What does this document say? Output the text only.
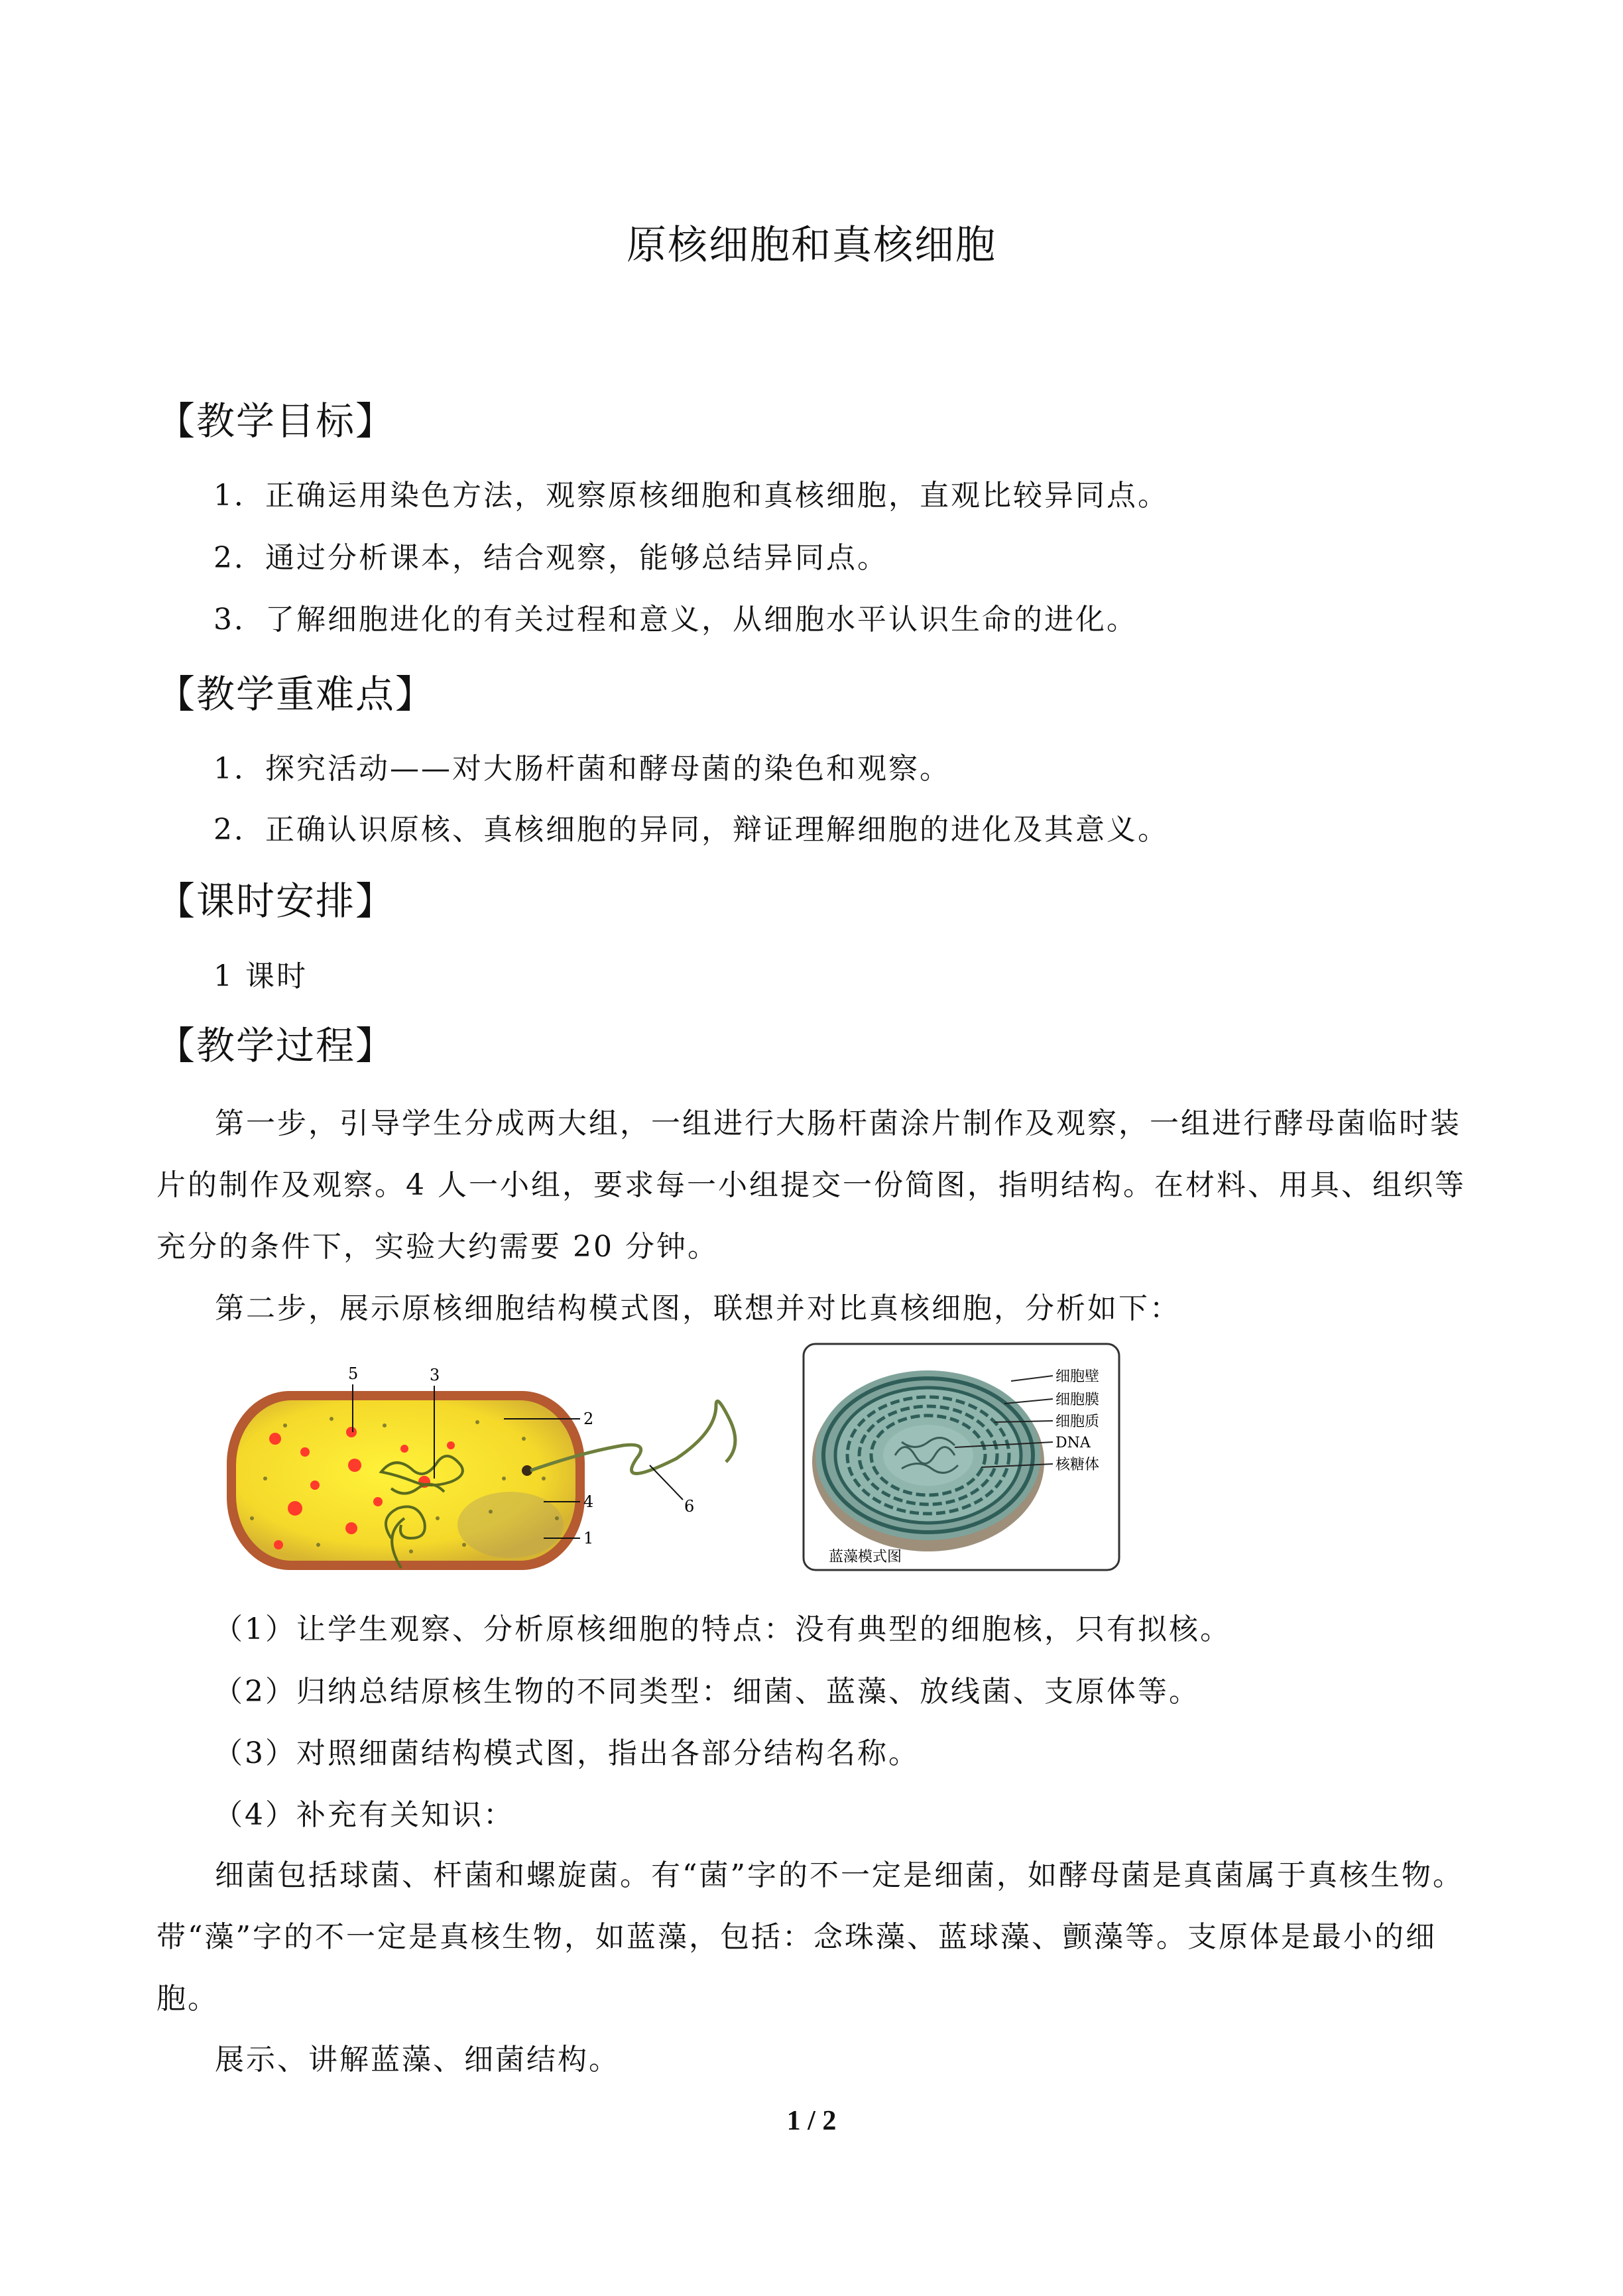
原核细胞和真核细胞
【教学目标】
1．正确运用染色方法，观察原核细胞和真核细胞，直观比较异同点。
2．通过分析课本，结合观察，能够总结异同点。
3．了解细胞进化的有关过程和意义，从细胞水平认识生命的进化。
【教学重难点】
1．探究活动——对大肠杆菌和酵母菌的染色和观察。
2．正确认识原核、真核细胞的异同，辩证理解细胞的进化及其意义。
【课时安排】
1 课时
【教学过程】
第一步，引导学生分成两大组，一组进行大肠杆菌涂片制作及观察，一组进行酵母菌临时装片的制作及观察。4 人一小组，要求每一小组提交一份简图，指明结构。在材料、用具、组织等充分的条件下，实验大约需要 20 分钟。
第二步，展示原核细胞结构模式图，联想并对比真核细胞，分析如下：
5	3
2
4
1
6
细胞壁
细胞膜
细胞质
DNA
核糖体
蓝藻模式图
（1）让学生观察、分析原核细胞的特点：没有典型的细胞核，只有拟核。
（2）归纳总结原核生物的不同类型：细菌、蓝藻、放线菌、支原体等。
（3）对照细菌结构模式图，指出各部分结构名称。
（4）补充有关知识：
细菌包括球菌、杆菌和螺旋菌。有“菌”字的不一定是细菌，如酵母菌是真菌属于真核生物。带“藻”字的不一定是真核生物，如蓝藻，包括：念珠藻、蓝球藻、颤藻等。支原体是最小的细胞。
展示、讲解蓝藻、细菌结构。
1 / 2
